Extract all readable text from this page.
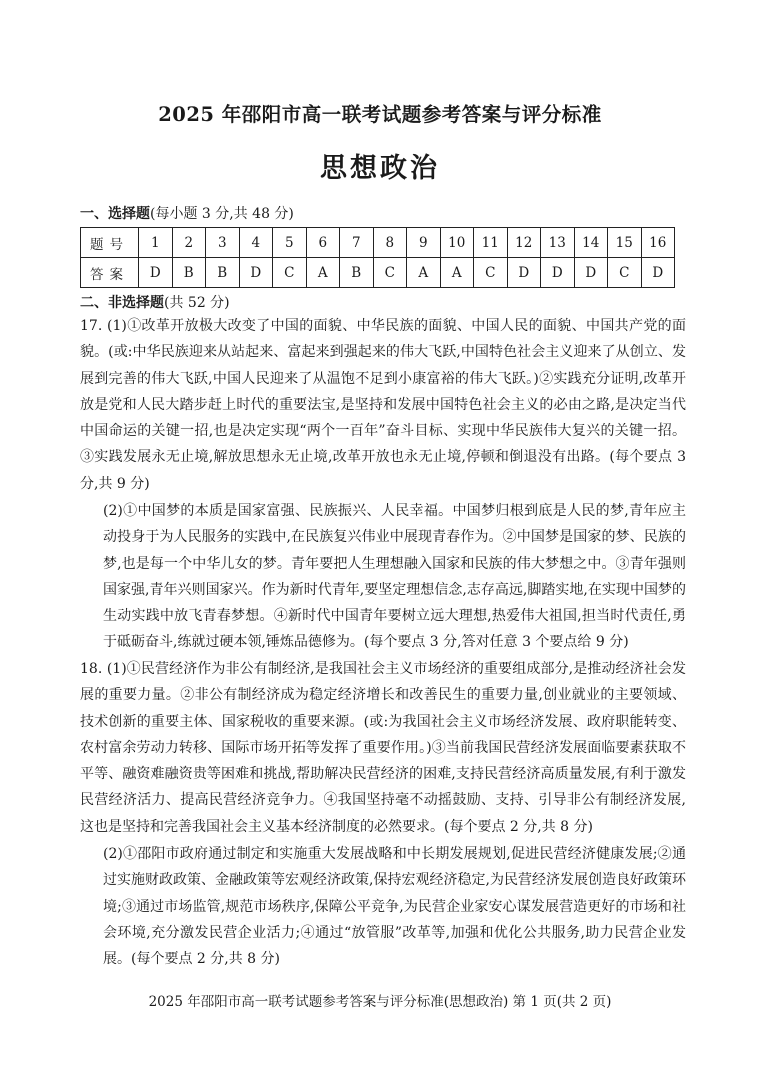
2025 年邵阳市高一联考试题参考答案与评分标准
思想政治
一、选择题(每小题 3 分,共 48 分)
题号	1	2	3	4	5	6	7	8	9	10	11	12	13	14	15	16
答案	D	B	B	D	C	A	B	C	A	A	C	D	D	D	C	D
二、非选择题(共 52 分)
17. (1)①改革开放极大改变了中国的面貌、中华民族的面貌、中国人民的面貌、中国共产党的面貌。(或:中华民族迎来从站起来、富起来到强起来的伟大飞跃,中国特色社会主义迎来了从创立、发展到完善的伟大飞跃,中国人民迎来了从温饱不足到小康富裕的伟大飞跃。)②实践充分证明,改革开放是党和人民大踏步赶上时代的重要法宝,是坚持和发展中国特色社会主义的必由之路,是决定当代中国命运的关键一招,也是决定实现“两个一百年”奋斗目标、实现中华民族伟大复兴的关键一招。③实践发展永无止境,解放思想永无止境,改革开放也永无止境,停顿和倒退没有出路。(每个要点 3 分,共 9 分)
(2)①中国梦的本质是国家富强、民族振兴、人民幸福。中国梦归根到底是人民的梦,青年应主动投身于为人民服务的实践中,在民族复兴伟业中展现青春作为。②中国梦是国家的梦、民族的梦,也是每一个中华儿女的梦。青年要把人生理想融入国家和民族的伟大梦想之中。③青年强则国家强,青年兴则国家兴。作为新时代青年,要坚定理想信念,志存高远,脚踏实地,在实现中国梦的生动实践中放飞青春梦想。④新时代中国青年要树立远大理想,热爱伟大祖国,担当时代责任,勇于砥砺奋斗,练就过硬本领,锤炼品德修为。(每个要点 3 分,答对任意 3 个要点给 9 分)
18. (1)①民营经济作为非公有制经济,是我国社会主义市场经济的重要组成部分,是推动经济社会发展的重要力量。②非公有制经济成为稳定经济增长和改善民生的重要力量,创业就业的主要领域、技术创新的重要主体、国家税收的重要来源。(或:为我国社会主义市场经济发展、政府职能转变、农村富余劳动力转移、国际市场开拓等发挥了重要作用。)③当前我国民营经济发展面临要素获取不平等、融资难融资贵等困难和挑战,帮助解决民营经济的困难,支持民营经济高质量发展,有利于激发民营经济活力、提高民营经济竞争力。④我国坚持毫不动摇鼓励、支持、引导非公有制经济发展,这也是坚持和完善我国社会主义基本经济制度的必然要求。(每个要点 2 分,共 8 分)
(2)①邵阳市政府通过制定和实施重大发展战略和中长期发展规划,促进民营经济健康发展;②通过实施财政政策、金融政策等宏观经济政策,保持宏观经济稳定,为民营经济发展创造良好政策环境;③通过市场监管,规范市场秩序,保障公平竞争,为民营企业家安心谋发展营造更好的市场和社会环境,充分激发民营企业活力;④通过“放管服”改革等,加强和优化公共服务,助力民营企业发展。(每个要点 2 分,共 8 分)
2025 年邵阳市高一联考试题参考答案与评分标准(思想政治) 第 1 页(共 2 页)
